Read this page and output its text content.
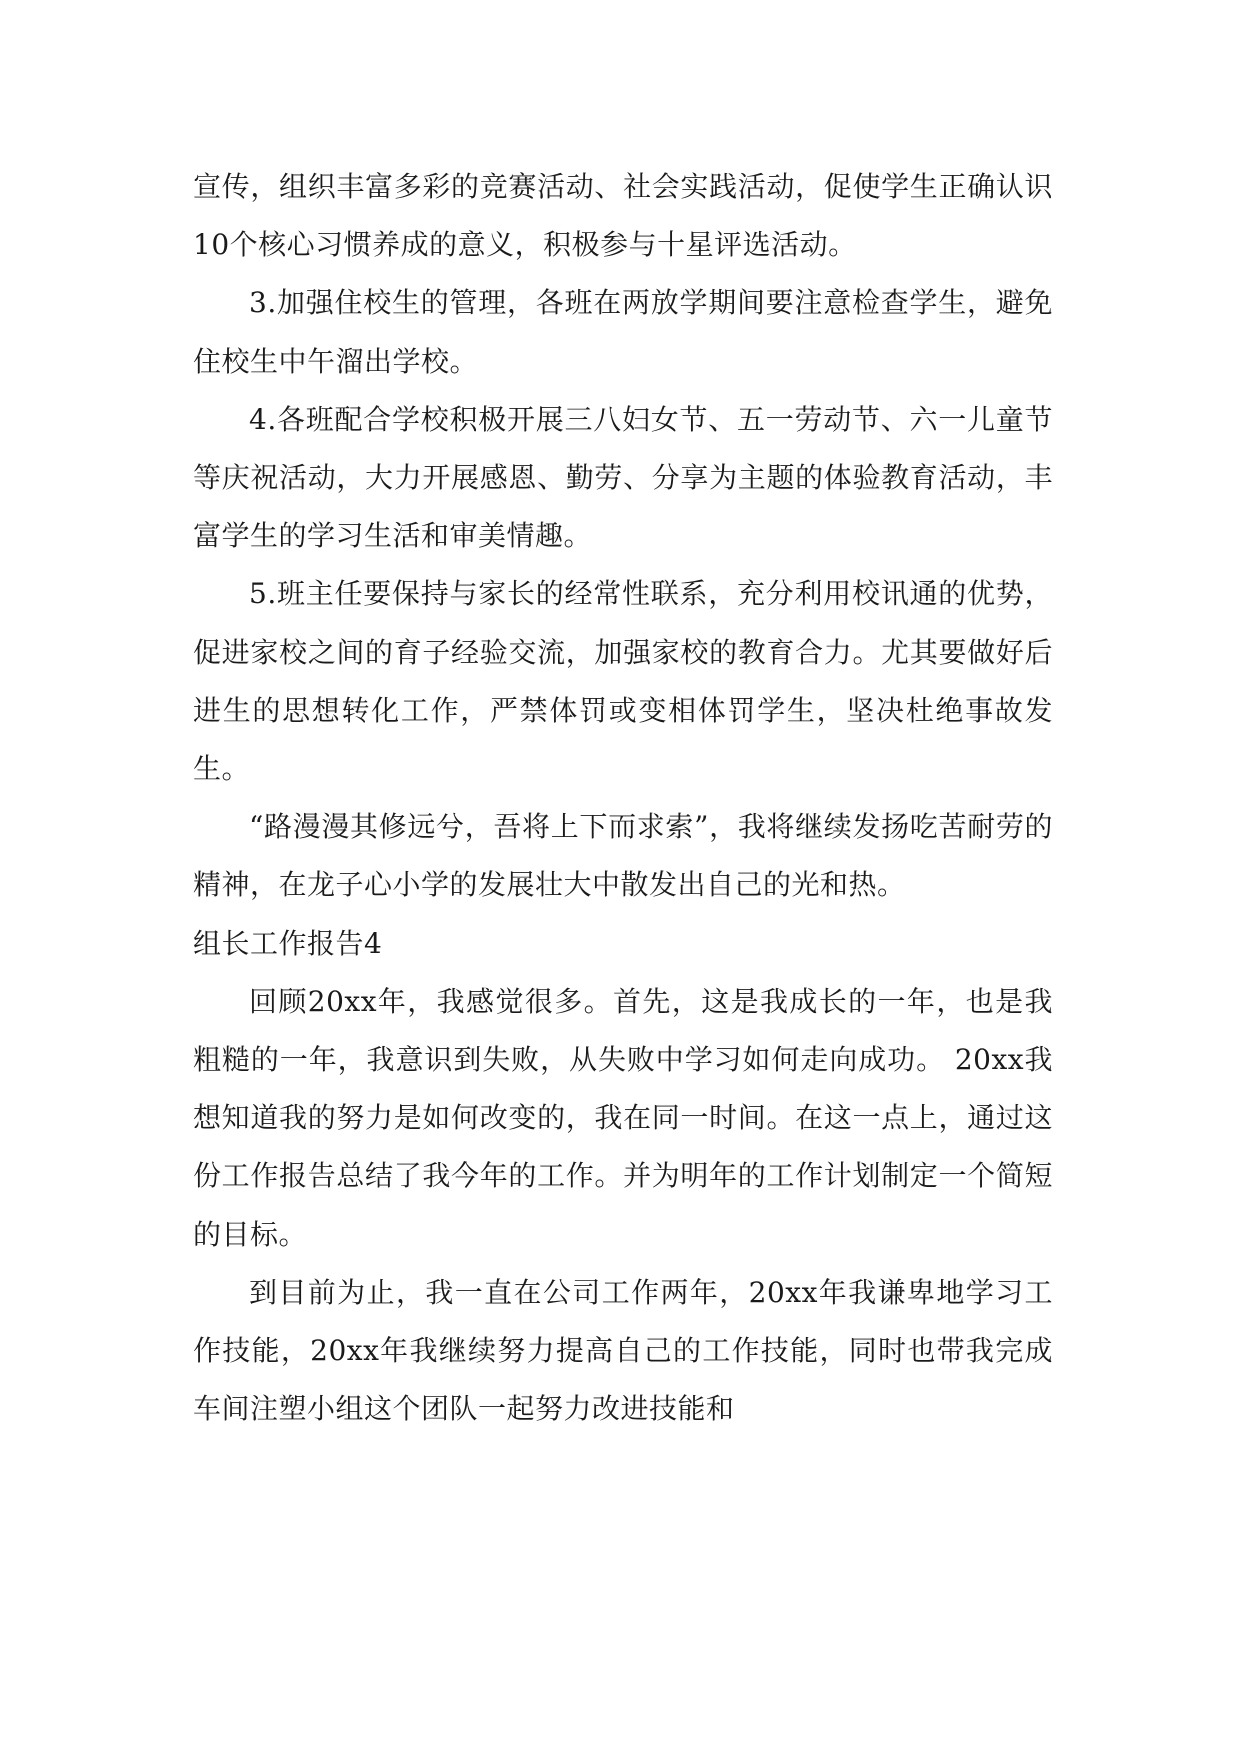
宣传，组织丰富多彩的竞赛活动、社会实践活动，促使学生正确认识10个核心习惯养成的意义，积极参与十星评选活动。

3.加强住校生的管理，各班在两放学期间要注意检查学生，避免住校生中午溜出学校。

4.各班配合学校积极开展三八妇女节、五一劳动节、六一儿童节等庆祝活动，大力开展感恩、勤劳、分享为主题的体验教育活动，丰富学生的学习生活和审美情趣。

5.班主任要保持与家长的经常性联系，充分利用校讯通的优势，促进家校之间的育子经验交流，加强家校的教育合力。尤其要做好后进生的思想转化工作，严禁体罚或变相体罚学生，坚决杜绝事故发生。

“路漫漫其修远兮，吾将上下而求索”，我将继续发扬吃苦耐劳的精神，在龙子心小学的发展壮大中散发出自己的光和热。

组长工作报告4

回顾20xx年，我感觉很多。首先，这是我成长的一年，也是我粗糙的一年，我意识到失败，从失败中学习如何走向成功。 20xx我想知道我的努力是如何改变的，我在同一时间。在这一点上，通过这份工作报告总结了我今年的工作。并为明年的工作计划制定一个简短的目标。

到目前为止，我一直在公司工作两年，20xx年我谦卑地学习工作技能，20xx年我继续努力提高自己的工作技能，同时也带我完成车间注塑小组这个团队一起努力改进技能和
